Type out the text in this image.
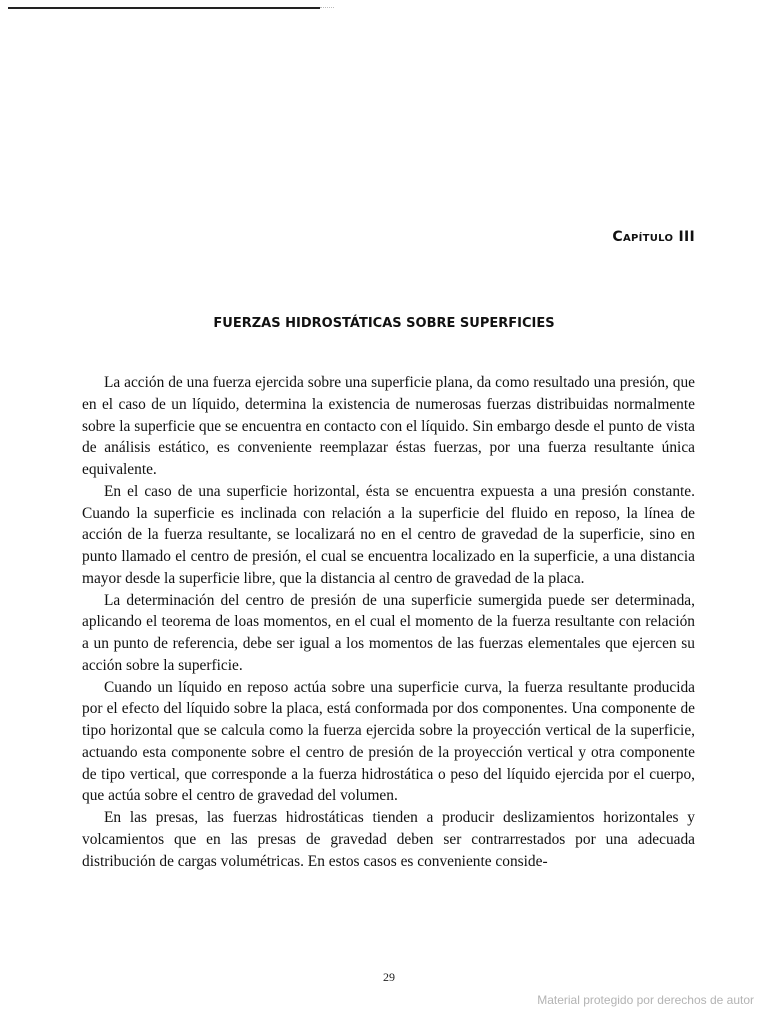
Capítulo III
FUERZAS HIDROSTÁTICAS SOBRE SUPERFICIES

La acción de una fuerza ejercida sobre una superficie plana, da como resultado una presión, que en el caso de un líquido, determina la existencia de numerosas fuerzas distribuidas normalmente sobre la superficie que se encuentra en contacto con el líquido. Sin embargo desde el punto de vista de análisis estático, es conveniente reemplazar éstas fuerzas, por una fuerza resultante única equivalente.

En el caso de una superficie horizontal, ésta se encuentra expuesta a una presión constante. Cuando la superficie es inclinada con relación a la superficie del fluido en reposo, la línea de acción de la fuerza resultante, se localizará no en el centro de gravedad de la superficie, sino en punto llamado el centro de presión, el cual se encuentra localizado en la superficie, a una distancia mayor desde la superficie libre, que la distancia al centro de gravedad de la placa.

La determinación del centro de presión de una superficie sumergida puede ser determinada, aplicando el teorema de loas momentos, en el cual el momento de la fuerza resultante con relación a un punto de referencia, debe ser igual a los momentos de las fuerzas elementales que ejercen su acción sobre la superficie.

Cuando un líquido en reposo actúa sobre una superficie curva, la fuerza resultante producida por el efecto del líquido sobre la placa, está conformada por dos componentes. Una componente de tipo horizontal que se calcula como la fuerza ejercida sobre la proyección vertical de la superficie, actuando esta componente sobre el centro de presión de la proyección vertical y otra componente de tipo vertical, que corresponde a la fuerza hidrostática o peso del líquido ejercida por el cuerpo, que actúa sobre el centro de gravedad del volumen.

En las presas, las fuerzas hidrostáticas tienden a producir deslizamientos horizontales y volcamientos que en las presas de gravedad deben ser contrarrestados por una adecuada distribución de cargas volumétricas. En estos casos es conveniente conside-

29
Material protegido por derechos de autor
